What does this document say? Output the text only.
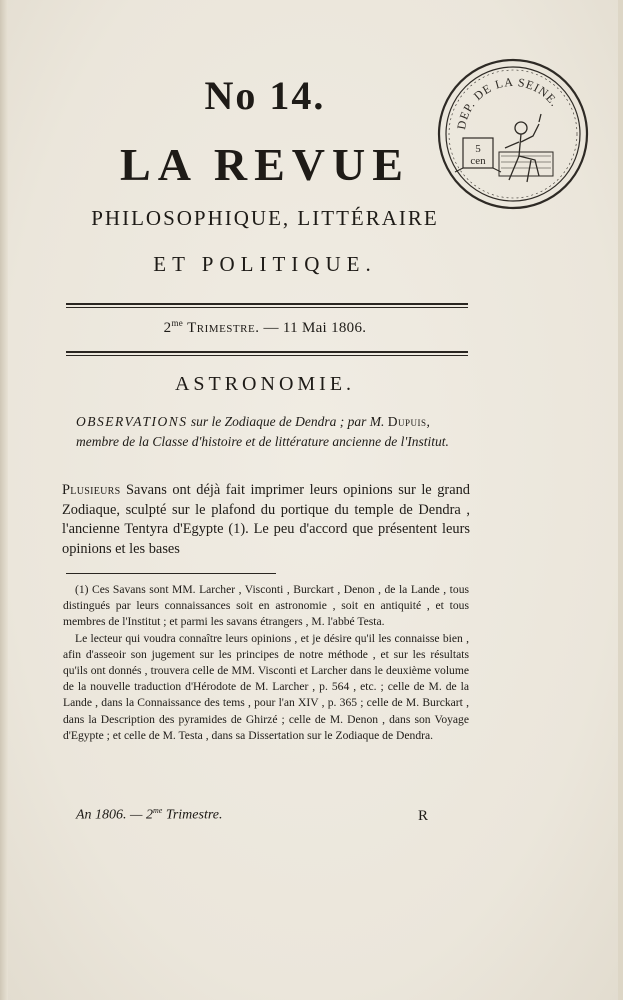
DEP. DE LA SEINE.
5
cen
No 14.
LA REVUE
PHILOSOPHIQUE, LITTÉRAIRE
ET POLITIQUE.
$2^{me}$ Trimestre. — 11 Mai 1806.
ASTRONOMIE.
OBSERVATIONS sur le Zodiaque de Dendra ; par M. Dupuis, membre de la Classe d'histoire et de littérature ancienne de l'Institut.
Plusieurs Savans ont déjà fait imprimer leurs opinions sur le grand Zodiaque, sculpté sur le plafond du portique du temple de Dendra , l'ancienne Tentyra d'Egypte (1). Le peu d'accord que présentent leurs opinions et les bases

(1) Ces Savans sont MM. Larcher , Visconti , Burckart , Denon , de la Lande , tous distingués par leurs connaissances soit en astronomie , soit en antiquité , et tous membres de l'Institut ; et parmi les savans étrangers , M. l'abbé Testa.

Le lecteur qui voudra connaître leurs opinions , et je désire qu'il les connaisse bien , afin d'asseoir son jugement sur les principes de notre méthode , et sur les résultats qu'ils ont donnés , trouvera celle de MM. Visconti et Larcher dans le deuxième volume de la nouvelle traduction d'Hérodote de M. Larcher , p. 564 , etc. ; celle de M. de la Lande , dans la Connaissance des tems , pour l'an XIV , p. 365 ; celle de M. Burckart , dans la Description des pyramides de Ghirzé ; celle de M. Denon , dans son Voyage d'Egypte ; et celle de M. Testa , dans sa Dissertation sur le Zodiaque de Dendra.

An 1806. — $2^{me}$ Trimestre.	R
